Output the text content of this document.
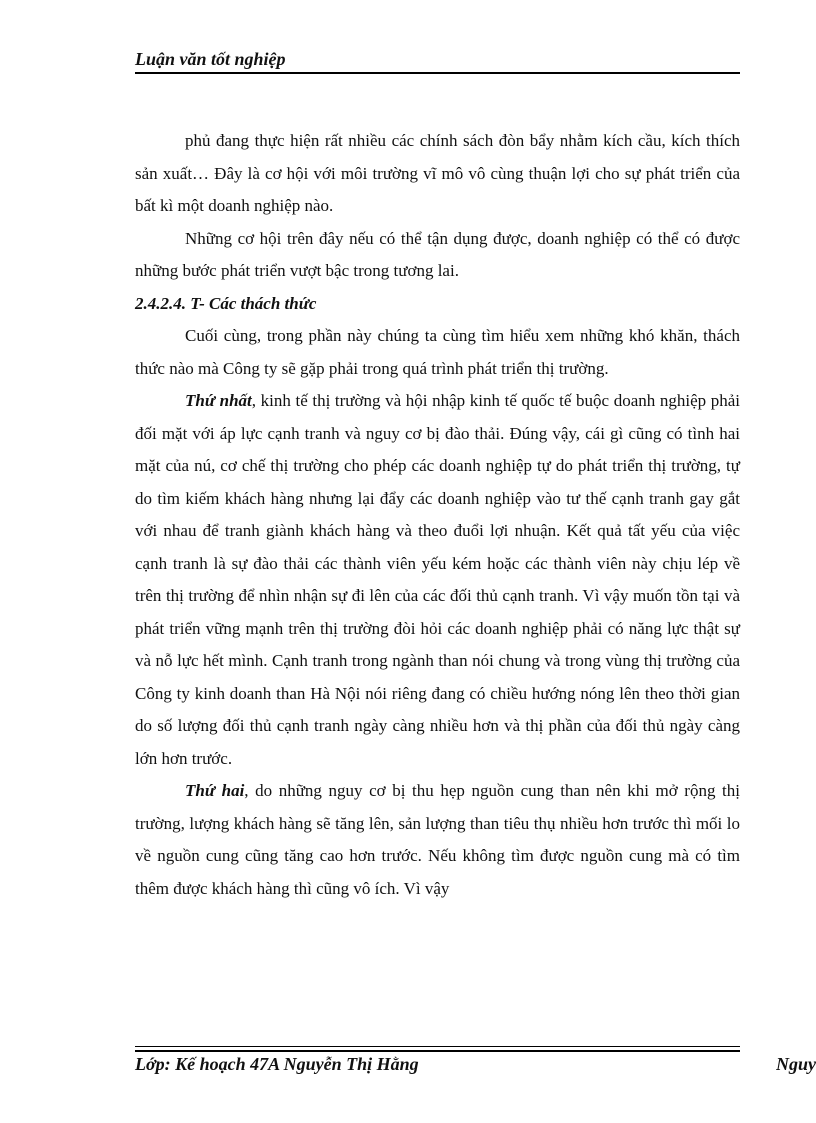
Luận văn tốt nghiệp

phủ đang thực hiện rất nhiều các chính sách đòn bẩy nhằm kích cầu, kích thích sản xuất… Đây là cơ hội với môi trường vĩ mô vô cùng thuận lợi cho sự phát triển của bất kì một doanh nghiệp nào.

Những cơ hội trên đây nếu có thể tận dụng được, doanh nghiệp có thể có được những bước phát triển vượt bậc trong tương lai.

2.4.2.4. T- Các thách thức

Cuối cùng, trong phần này chúng ta cùng tìm hiểu xem những khó khăn, thách thức nào mà Công ty sẽ gặp phải trong quá trình phát triển thị trường.

Thứ nhất, kinh tế thị trường và hội nhập kinh tế quốc tế buộc doanh nghiệp phải đối mặt với áp lực cạnh tranh và nguy cơ bị đào thải. Đúng vậy, cái gì cũng có tình hai mặt của nú, cơ chế thị trường cho phép các doanh nghiệp tự do phát triển thị trường, tự do tìm kiếm khách hàng nhưng lại đẩy các doanh nghiệp vào tư thế cạnh tranh gay gắt với nhau để tranh giành khách hàng và theo đuổi lợi nhuận. Kết quả tất yếu của việc cạnh tranh là sự đào thải các thành viên yếu kém hoặc các thành viên này chịu lép về trên thị trường để nhìn nhận sự đi lên của các đối thủ cạnh tranh. Vì vậy muốn tồn tại và phát triển vững mạnh trên thị trường đòi hỏi các doanh nghiệp phải có năng lực thật sự và nỗ lực hết mình. Cạnh tranh trong ngành than nói chung và trong vùng thị trường của Công ty kinh doanh than Hà Nội nói riêng đang có chiều hướng nóng lên theo thời gian do số lượng đối thủ cạnh tranh ngày càng nhiều hơn và thị phần của đối thủ ngày càng lớn hơn trước.

Thứ hai, do những nguy cơ bị thu hẹp nguồn cung than nên khi mở rộng thị trường, lượng khách hàng sẽ tăng lên, sản lượng than tiêu thụ nhiều hơn trước thì mối lo về nguồn cung cũng tăng cao hơn trước. Nếu không tìm được nguồn cung mà có tìm thêm được khách hàng thì cũng vô ích. Vì vậy

Lớp: Kế hoạch 47A Nguyễn Thị Hằng	Nguy
